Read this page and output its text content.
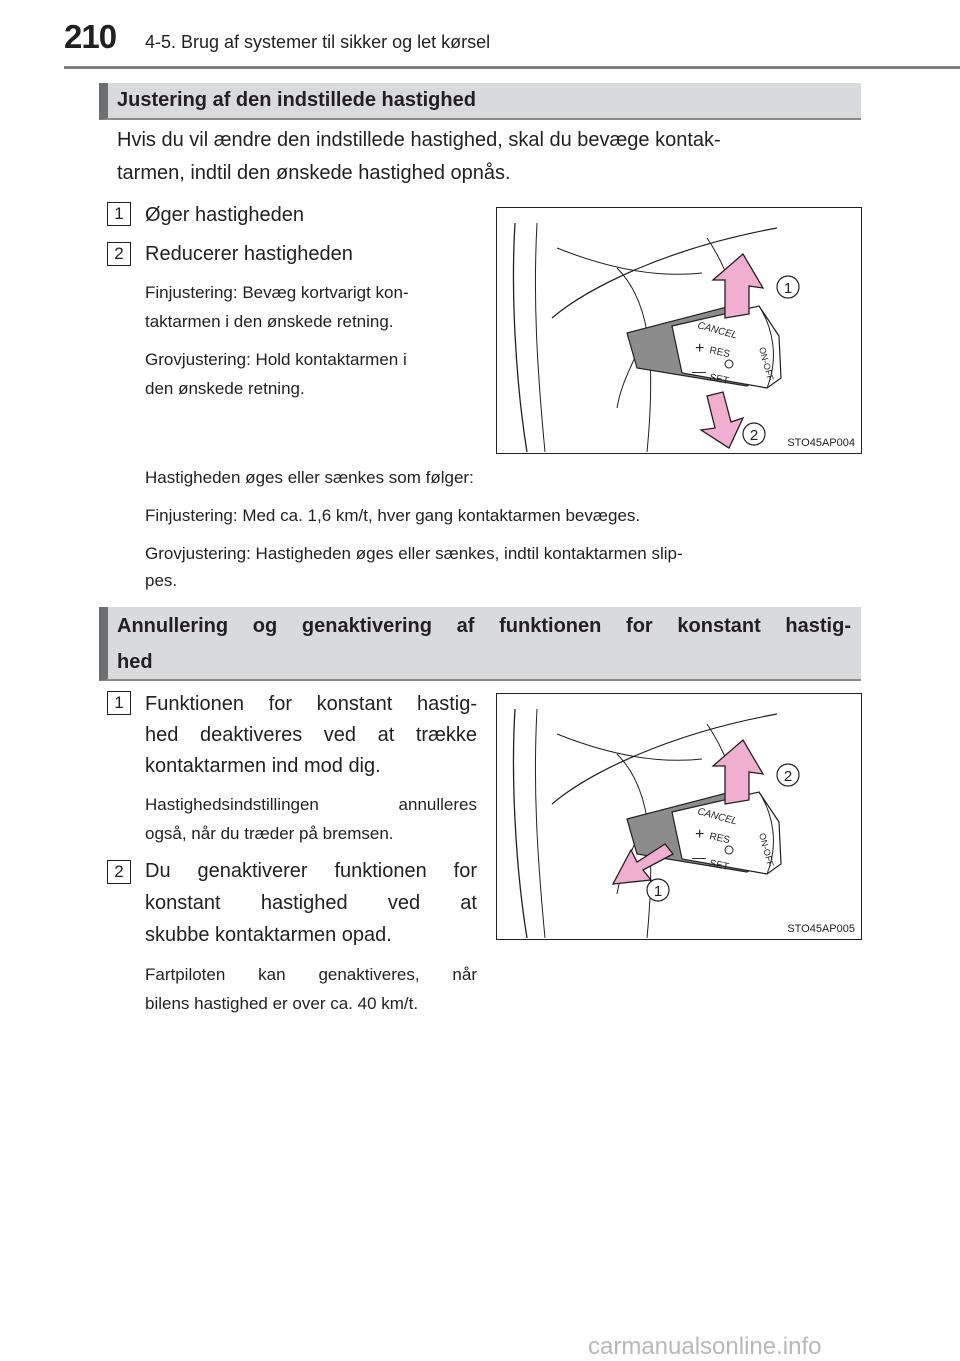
210 4-5. Brug af systemer til sikker og let kørsel
Justering af den indstillede hastighed
Hvis du vil ændre den indstillede hastighed, skal du bevæge kontak-
tarmen, indtil den ønskede hastighed opnås.
1	Øger hastigheden
2	Reducerer hastigheden
Finjustering: Bevæg kortvarigt kon-
taktarmen i den ønskede retning.
Grovjustering: Hold kontaktarmen i
den ønskede retning.
CANCEL
+ RES
—
SET	ON-OFF
1
2	STO45AP004
Hastigheden øges eller sænkes som følger:
Finjustering: Med ca. 1,6 km/t, hver gang kontaktarmen bevæges.
Grovjustering: Hastigheden øges eller sænkes, indtil kontaktarmen slip-
pes.
Annullering og genaktivering af funktionen for konstant hastig-
hed
1	Funktionen for konstant hastig-
hed deaktiveres ved at trække
kontaktarmen ind mod dig.
Hastighedsindstillingen annulleres
også, når du træder på bremsen.
2	Du genaktiverer funktionen for
konstant hastighed ved at
skubbe kontaktarmen opad.
Fartpiloten kan genaktiveres, når
bilens hastighed er over ca. 40 km/t.
CANCEL
+ RES
—
SET	ON-OFF
1
2
STO45AP005
carmanualsonline.info
